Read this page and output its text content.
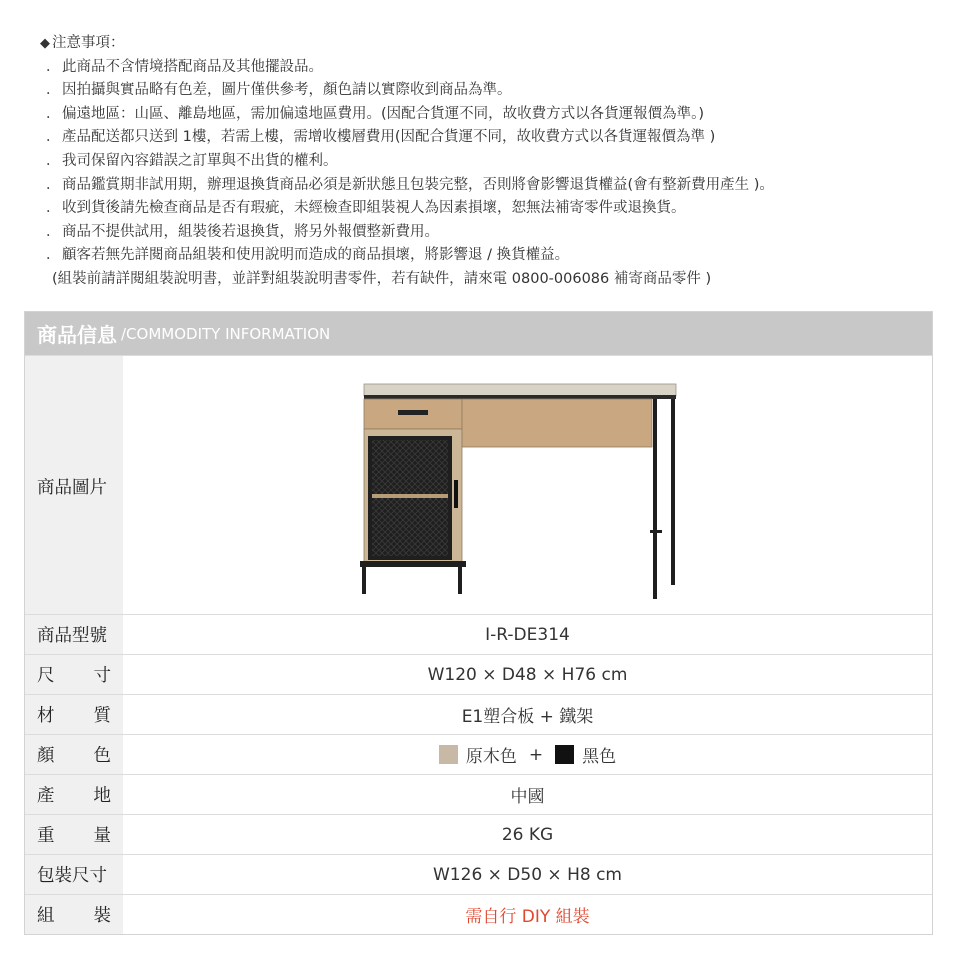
◆ 注意事項：
． 此商品不含情境搭配商品及其他擺設品。
． 因拍攝與實品略有色差，圖片僅供參考，顏色請以實際收到商品為準。
． 偏遠地區：山區、離島地區，需加偏遠地區費用。(因配合貨運不同，故收費方式以各貨運報價為準。)
． 產品配送都只送到 1樓，若需上樓，需增收樓層費用(因配合貨運不同，故收費方式以各貨運報價為準 )
． 我司保留內容錯誤之訂單與不出貨的權利。
． 商品鑑賞期非試用期，辦理退換貨商品必須是新狀態且包裝完整，否則將會影響退貨權益(會有整新費用產生 )。
． 收到貨後請先檢查商品是否有瑕疵，未經檢查即組裝視人為因素損壞，恕無法補寄零件或退換貨。
． 商品不提供試用，組裝後若退換貨，將另外報價整新費用。
． 顧客若無先詳閱商品組裝和使用說明而造成的商品損壞，將影響退 / 換貨權益。
(組裝前請詳閱組裝說明書，並詳對組裝說明書零件，若有缺件，請來電 0800-006086 補寄商品零件 )
商品信息 /COMMODITY INFORMATION
商品圖片
商品型號	I-R-DE314
尺 寸	W120 × D48 × H76 cm
材 質	E1塑合板 + 鐵架
顏 色	原木色 + 黑色
產 地	中國
重 量	26 KG
包裝尺寸	W126 × D50 × H8 cm
組 裝	需自行 DIY 組裝
